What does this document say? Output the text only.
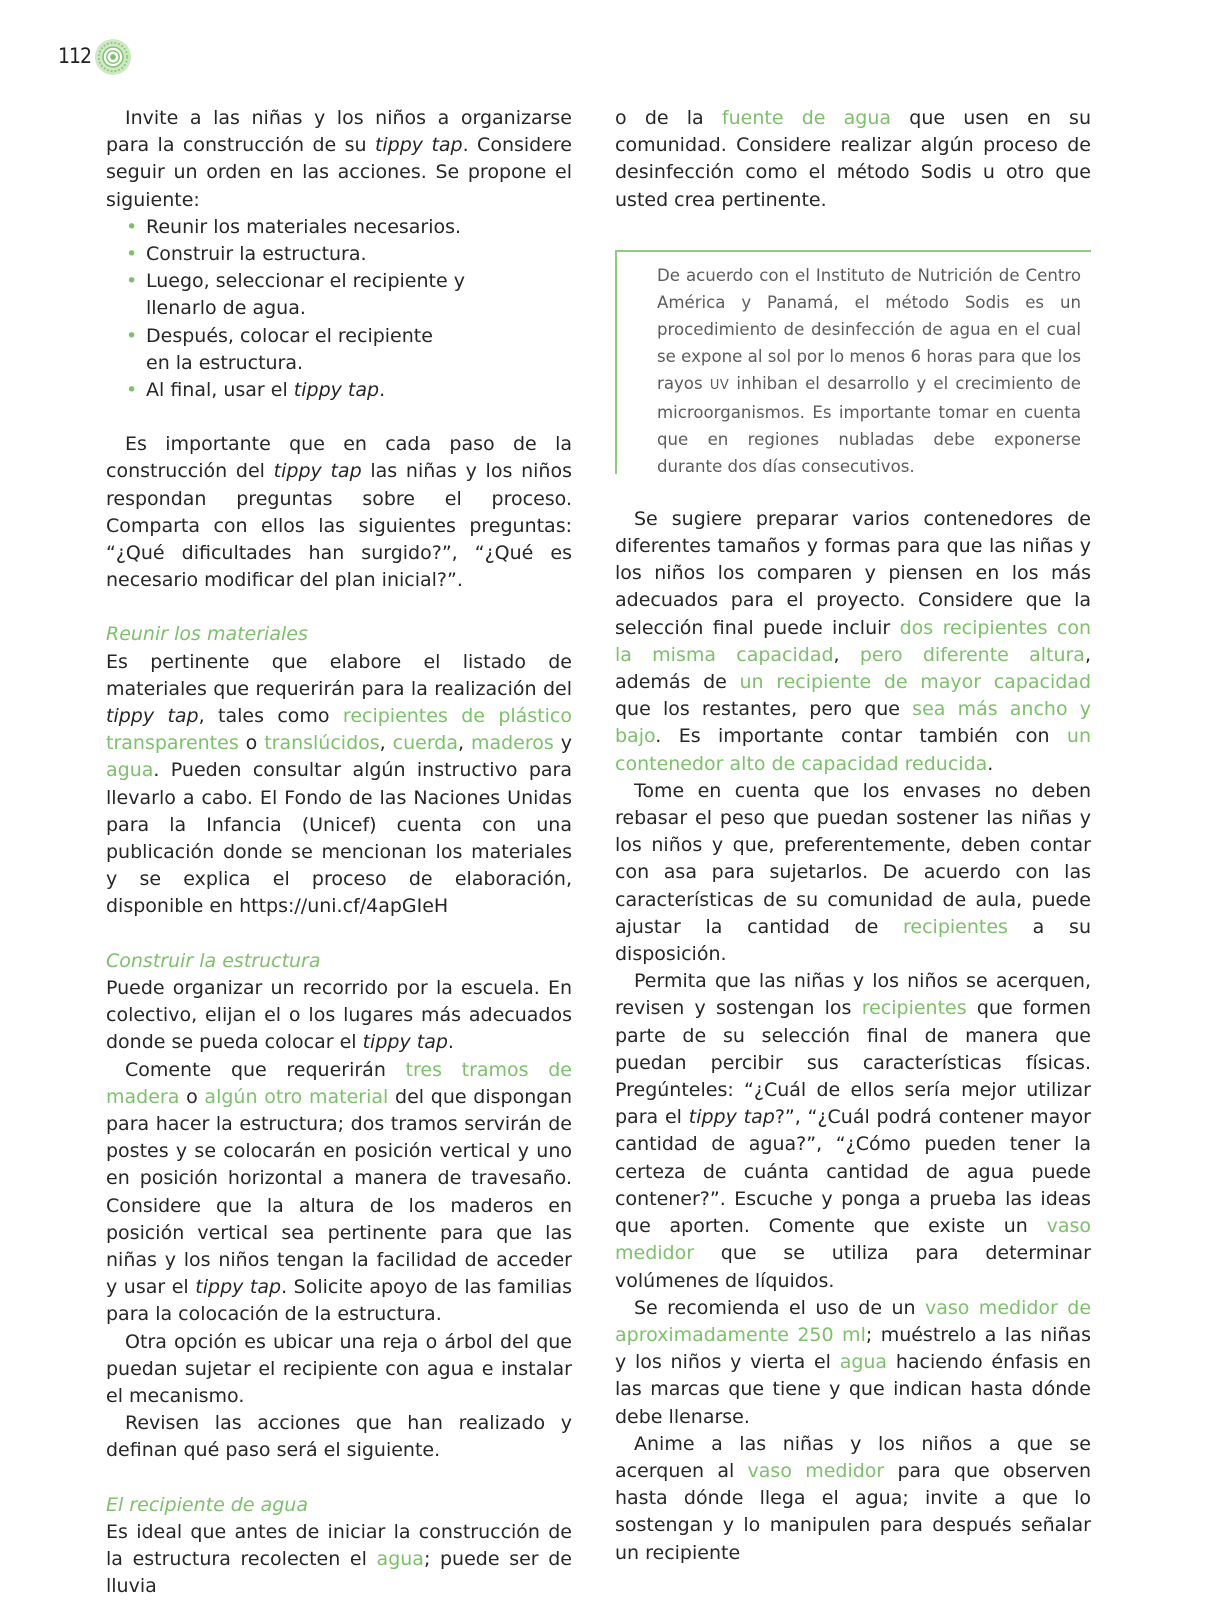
112

Invite a las niñas y los niños a organizarse para la construcción de su tippy tap. Considere seguir un orden en las acciones. Se propone el siguiente:

• Reunir los materiales necesarios.
• Construir la estructura.
• Luego, seleccionar el recipiente y llenarlo de agua.
• Después, colocar el recipiente en la estructura.
• Al final, usar el tippy tap.

Es importante que en cada paso de la construcción del tippy tap las niñas y los niños respondan preguntas sobre el proceso. Comparta con ellos las siguientes preguntas: “¿Qué dificultades han surgido?”, “¿Qué es necesario modificar del plan inicial?”.

Reunir los materiales

Es pertinente que elabore el listado de materiales que requerirán para la realización del tippy tap, tales como recipientes de plástico transparentes o translúcidos, cuerda, maderos y agua. Pueden consultar algún instructivo para llevarlo a cabo. El Fondo de las Naciones Unidas para la Infancia (Unicef) cuenta con una publicación donde se mencionan los materiales y se explica el proceso de elaboración, disponible en https://uni.cf/4apGIeH

Construir la estructura

Puede organizar un recorrido por la escuela. En colectivo, elijan el o los lugares más adecuados donde se pueda colocar el tippy tap.

Comente que requerirán tres tramos de madera o algún otro material del que dispongan para hacer la estructura; dos tramos servirán de postes y se colocarán en posición vertical y uno en posición horizontal a manera de travesaño. Considere que la altura de los maderos en posición vertical sea pertinente para que las niñas y los niños tengan la facilidad de acceder y usar el tippy tap. Solicite apoyo de las familias para la colocación de la estructura.

Otra opción es ubicar una reja o árbol del que puedan sujetar el recipiente con agua e instalar el mecanismo.

Revisen las acciones que han realizado y definan qué paso será el siguiente.

El recipiente de agua

Es ideal que antes de iniciar la construcción de la estructura recolecten el agua; puede ser de lluvia

o de la fuente de agua que usen en su comunidad. Considere realizar algún proceso de desinfección como el método Sodis u otro que usted crea pertinente.

De acuerdo con el Instituto de Nutrición de Centro América y Panamá, el método Sodis es un procedimiento de desinfección de agua en el cual se expone al sol por lo menos 6 horas para que los rayos UV inhiban el desarrollo y el crecimiento de microorganismos. Es importante tomar en cuenta que en regiones nubladas debe exponerse durante dos días consecutivos.

Se sugiere preparar varios contenedores de diferentes tamaños y formas para que las niñas y los niños los comparen y piensen en los más adecuados para el proyecto. Considere que la selección final puede incluir dos recipientes con la misma capacidad, pero diferente altura, además de un recipiente de mayor capacidad que los restantes, pero que sea más ancho y bajo. Es importante contar también con un contenedor alto de capacidad reducida.

Tome en cuenta que los envases no deben rebasar el peso que puedan sostener las niñas y los niños y que, preferentemente, deben contar con asa para sujetarlos. De acuerdo con las características de su comunidad de aula, puede ajustar la cantidad de recipientes a su disposición.

Permita que las niñas y los niños se acerquen, revisen y sostengan los recipientes que formen parte de su selección final de manera que puedan percibir sus características físicas. Pregúnteles: “¿Cuál de ellos sería mejor utilizar para el tippy tap?”, “¿Cuál podrá contener mayor cantidad de agua?”, “¿Cómo pueden tener la certeza de cuánta cantidad de agua puede contener?”. Escuche y ponga a prueba las ideas que aporten. Comente que existe un vaso medidor que se utiliza para determinar volúmenes de líquidos.

Se recomienda el uso de un vaso medidor de aproximadamente 250 ml; muéstrelo a las niñas y los niños y vierta el agua haciendo énfasis en las marcas que tiene y que indican hasta dónde debe llenarse.

Anime a las niñas y los niños a que se acerquen al vaso medidor para que observen hasta dónde llega el agua; invite a que lo sostengan y lo manipulen para después señalar un recipiente
